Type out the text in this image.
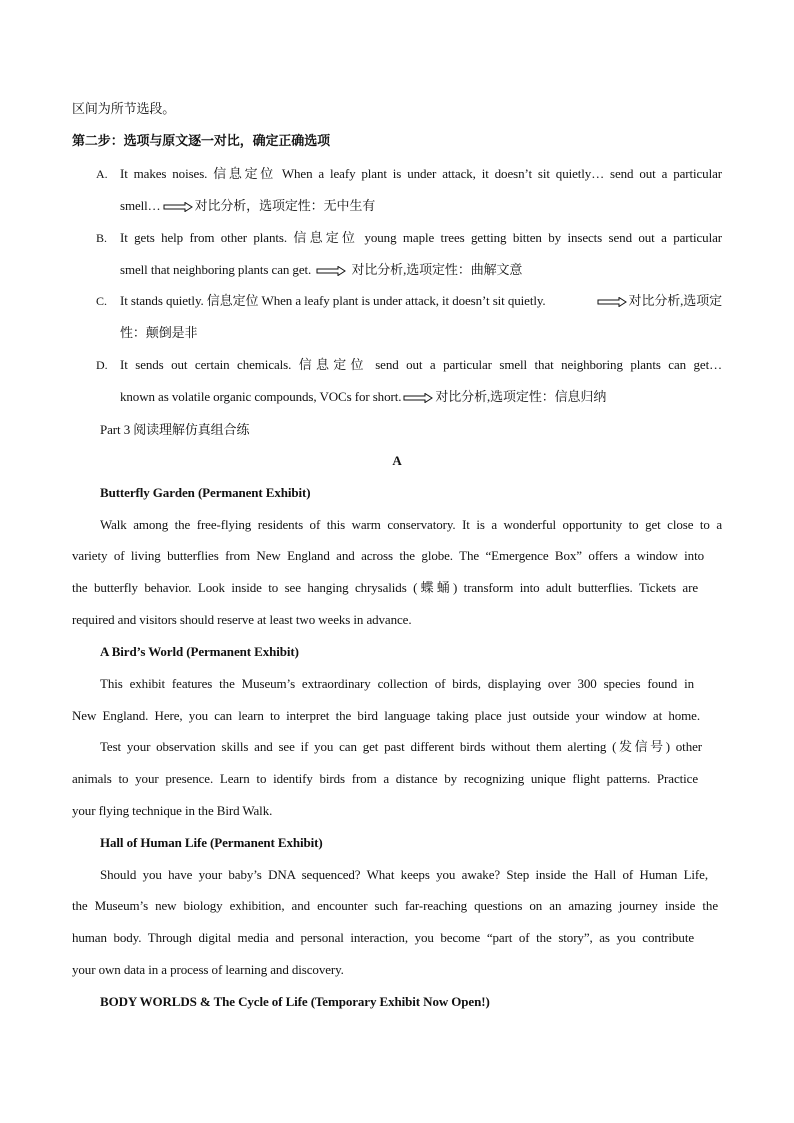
区间为所节选段。
第二步：选项与原文逐一对比，确定正确选项
A. It makes noises. 信息定位 When a leafy plant is under attack, it doesn’t sit quietly… send out a particular
smell…	对比分析，选项定性：无中生有
B. It gets help from other plants. 信息定位 young maple trees getting bitten by insects send out a particular
smell that neighboring plants can get.	对比分析,选项定性：曲解文意
C. It stands quietly. 信息定位 When a leafy plant is under attack, it doesn’t sit quietly.	对比分析,选项定
性：颠倒是非
D. It sends out certain chemicals. 信息定位 send out a particular smell that neighboring plants can get…
known as volatile organic compounds, VOCs for short.	对比分析,选项定性：信息归纳
Part 3 阅读理解仿真组合练
A
Butterfly Garden (Permanent Exhibit)
Walk among the free-flying residents of this warm conservatory. It is a wonderful opportunity to get close to a
variety of living butterflies from New England and across the globe. The “Emergence Box” offers a window into
the butterfly behavior. Look inside to see hanging chrysalids (蝶蛹) transform into adult butterflies. Tickets are
required and visitors should reserve at least two weeks in advance.
A Bird’s World (Permanent Exhibit)
This exhibit features the Museum’s extraordinary collection of birds, displaying over 300 species found in
New England. Here, you can learn to interpret the bird language taking place just outside your window at home.
Test your observation skills and see if you can get past different birds without them alerting (发信号) other
animals to your presence. Learn to identify birds from a distance by recognizing unique flight patterns. Practice
your flying technique in the Bird Walk.
Hall of Human Life (Permanent Exhibit)
Should you have your baby’s DNA sequenced? What keeps you awake? Step inside the Hall of Human Life,
the Museum’s new biology exhibition, and encounter such far-reaching questions on an amazing journey inside the
human body. Through digital media and personal interaction, you become “part of the story”, as you contribute
your own data in a process of learning and discovery.
BODY WORLDS & The Cycle of Life (Temporary Exhibit Now Open!)
